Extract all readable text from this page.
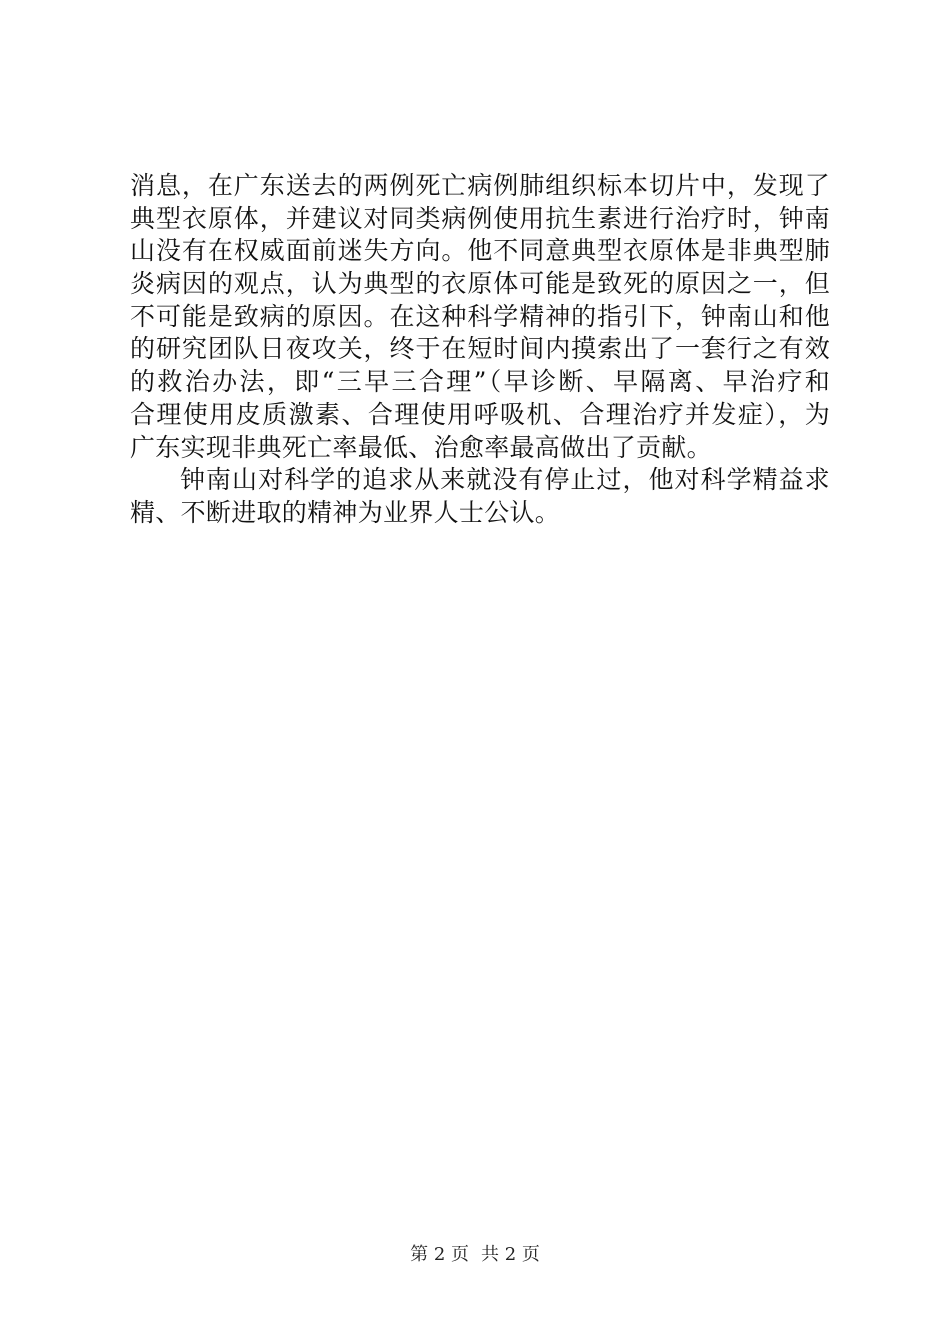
消息，在广东送去的两例死亡病例肺组织标本切片中，发现了
典型衣原体，并建议对同类病例使用抗生素进行治疗时，钟南
山没有在权威面前迷失方向。他不同意典型衣原体是非典型肺
炎病因的观点，认为典型的衣原体可能是致死的原因之一，但
不可能是致病的原因。在这种科学精神的指引下，钟南山和他
的研究团队日夜攻关，终于在短时间内摸索出了一套行之有效
的救治办法，即“三早三合理”（早诊断、早隔离、早治疗和
合理使用皮质激素、合理使用呼吸机、合理治疗并发症），为
广东实现非典死亡率最低、治愈率最高做出了贡献。
钟南山对科学的追求从来就没有停止过，他对科学精益求
精、不断进取的精神为业界人士公认。
第 2 页 共 2 页
